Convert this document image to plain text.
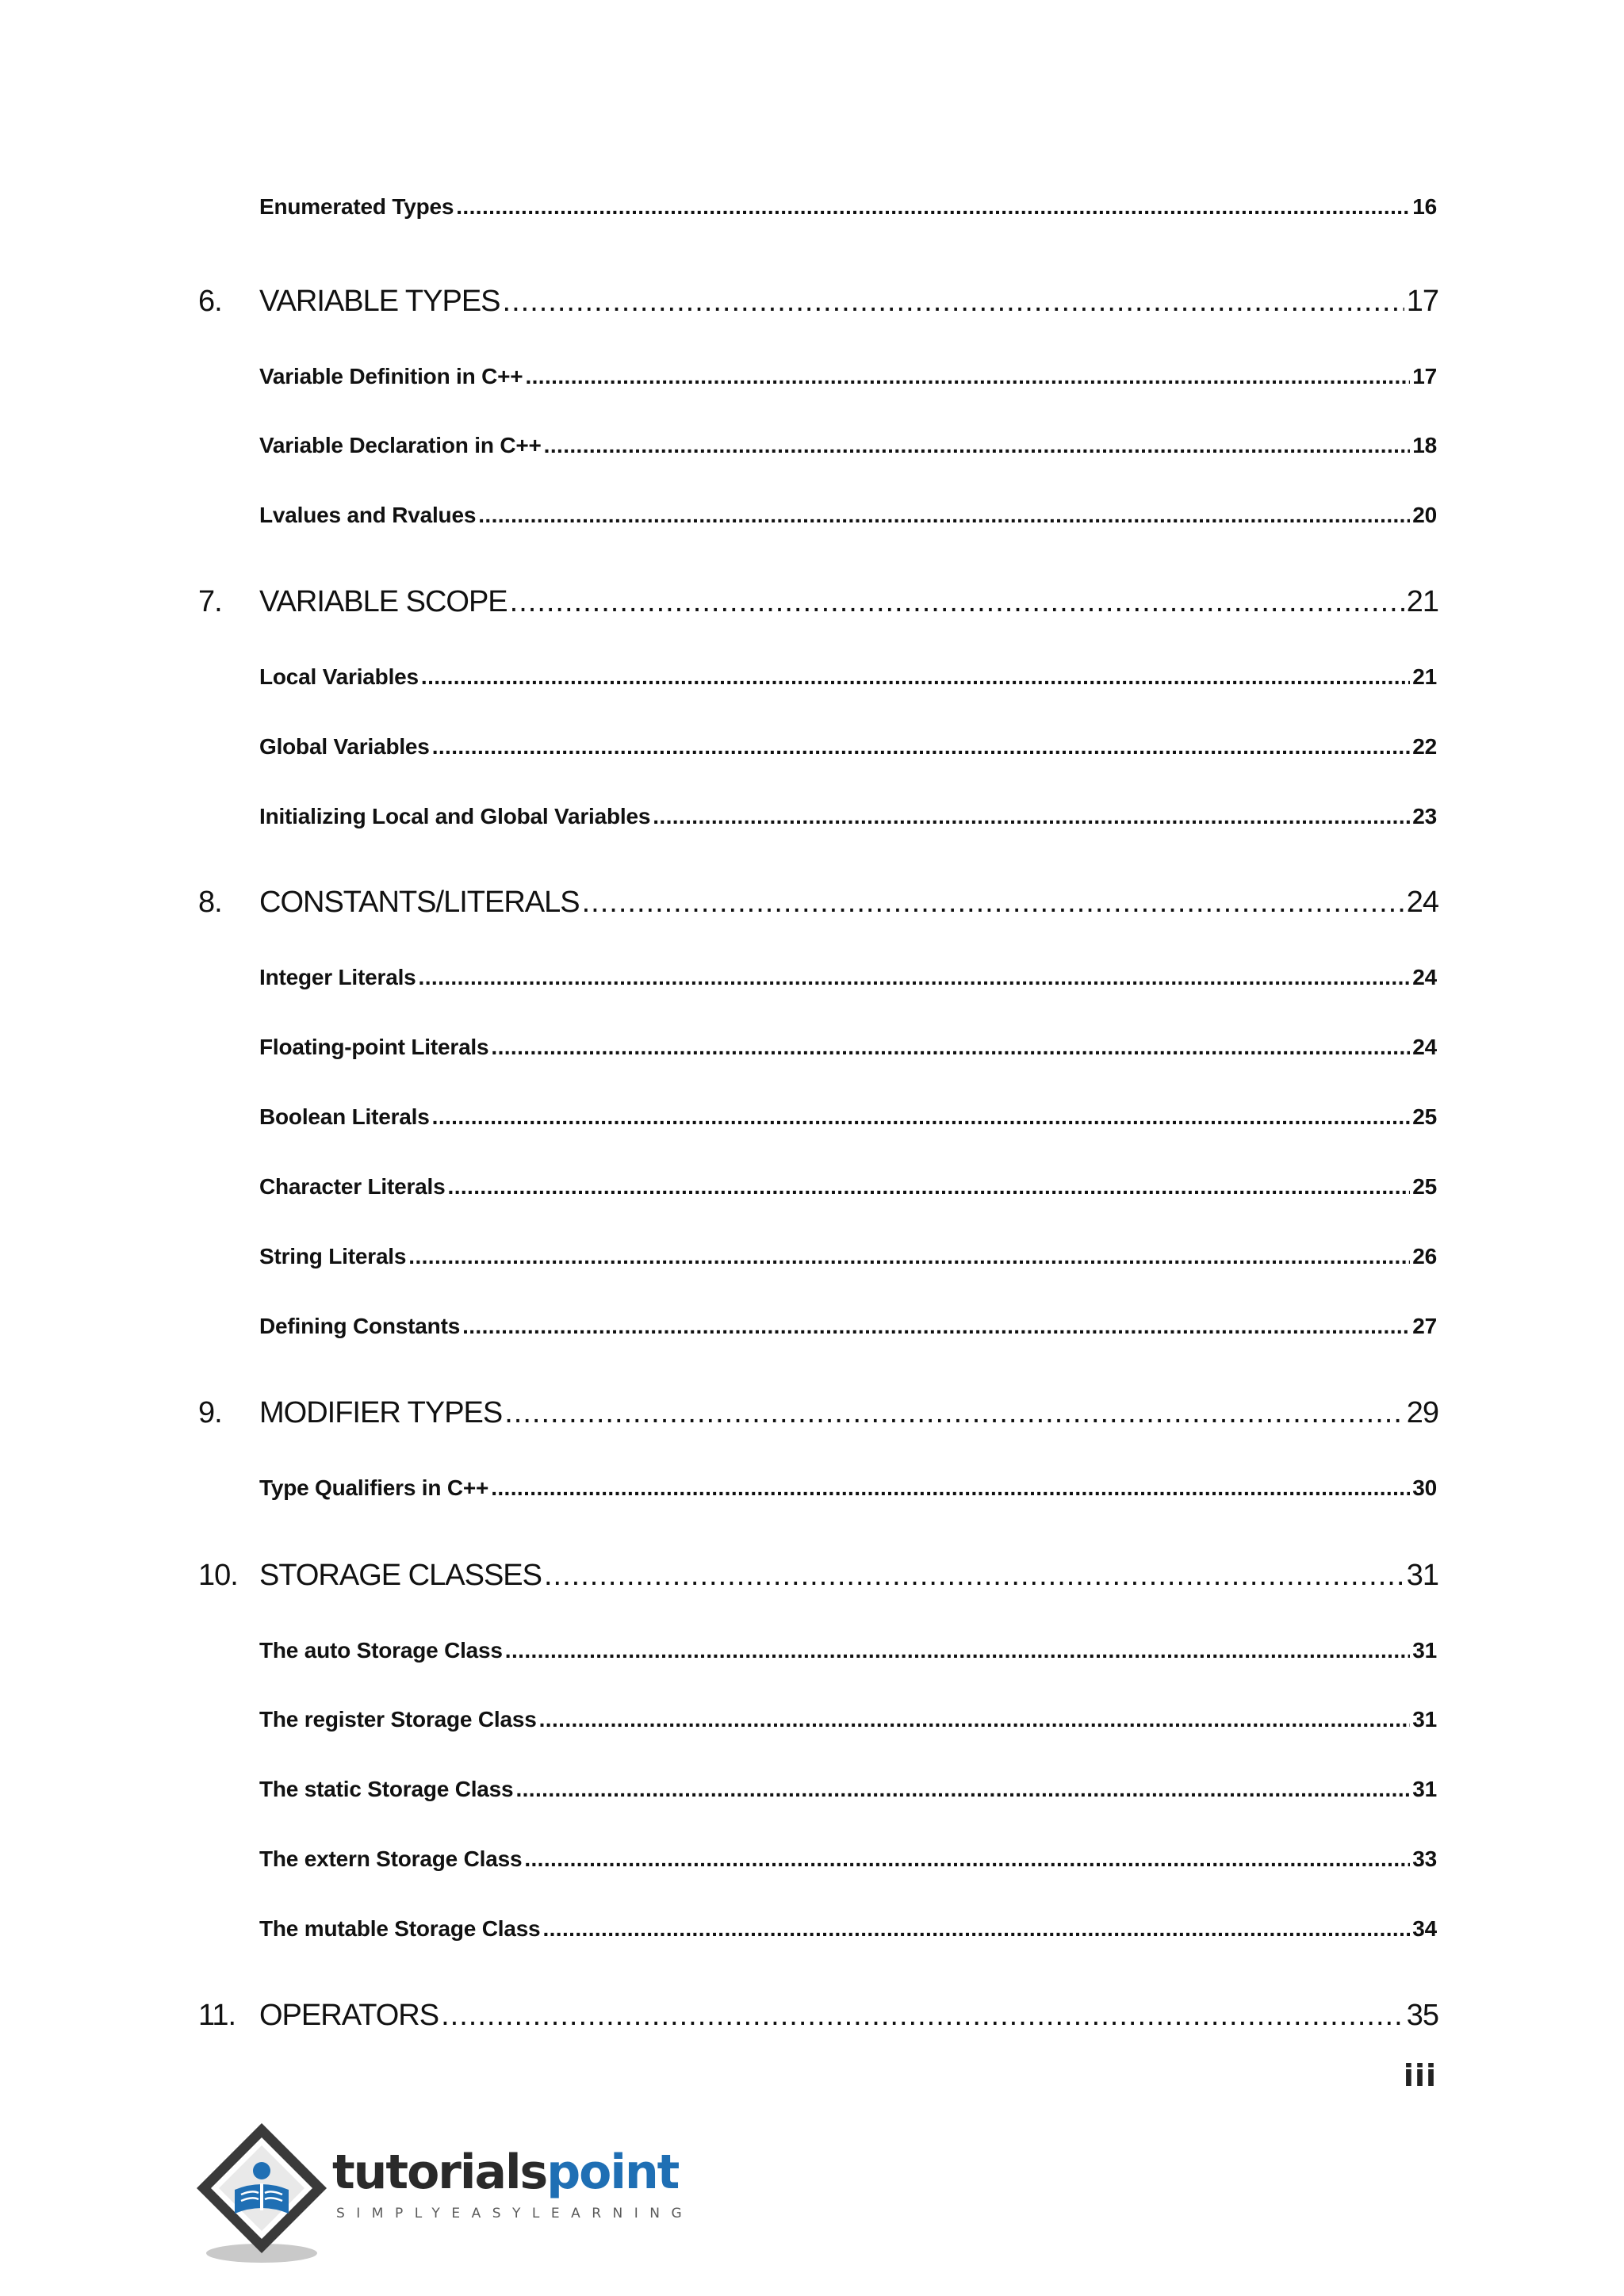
Enumerated Types .....	16
6.	VARIABLE TYPES .....	17
Variable Definition in C++ .....	17
Variable Declaration in C++ .....	18
Lvalues and Rvalues .....	20
7.	VARIABLE SCOPE .....	21
Local Variables .....	21
Global Variables .....	22
Initializing Local and Global Variables .....	23
8.	CONSTANTS/LITERALS .....	24
Integer Literals .....	24
Floating-point Literals .....	24
Boolean Literals .....	25
Character Literals .....	25
String Literals .....	26
Defining Constants .....	27
9.	MODIFIER TYPES .....	29
Type Qualifiers in C++ .....	30
10. STORAGE CLASSES .....	31
The auto Storage Class .....	31
The register Storage Class .....	31
The static Storage Class .....	31
The extern Storage Class .....	33
The mutable Storage Class .....	34
11. OPERATORS .....	35
iii
tutorialspoint
SIMPLYEASYLEARNING
